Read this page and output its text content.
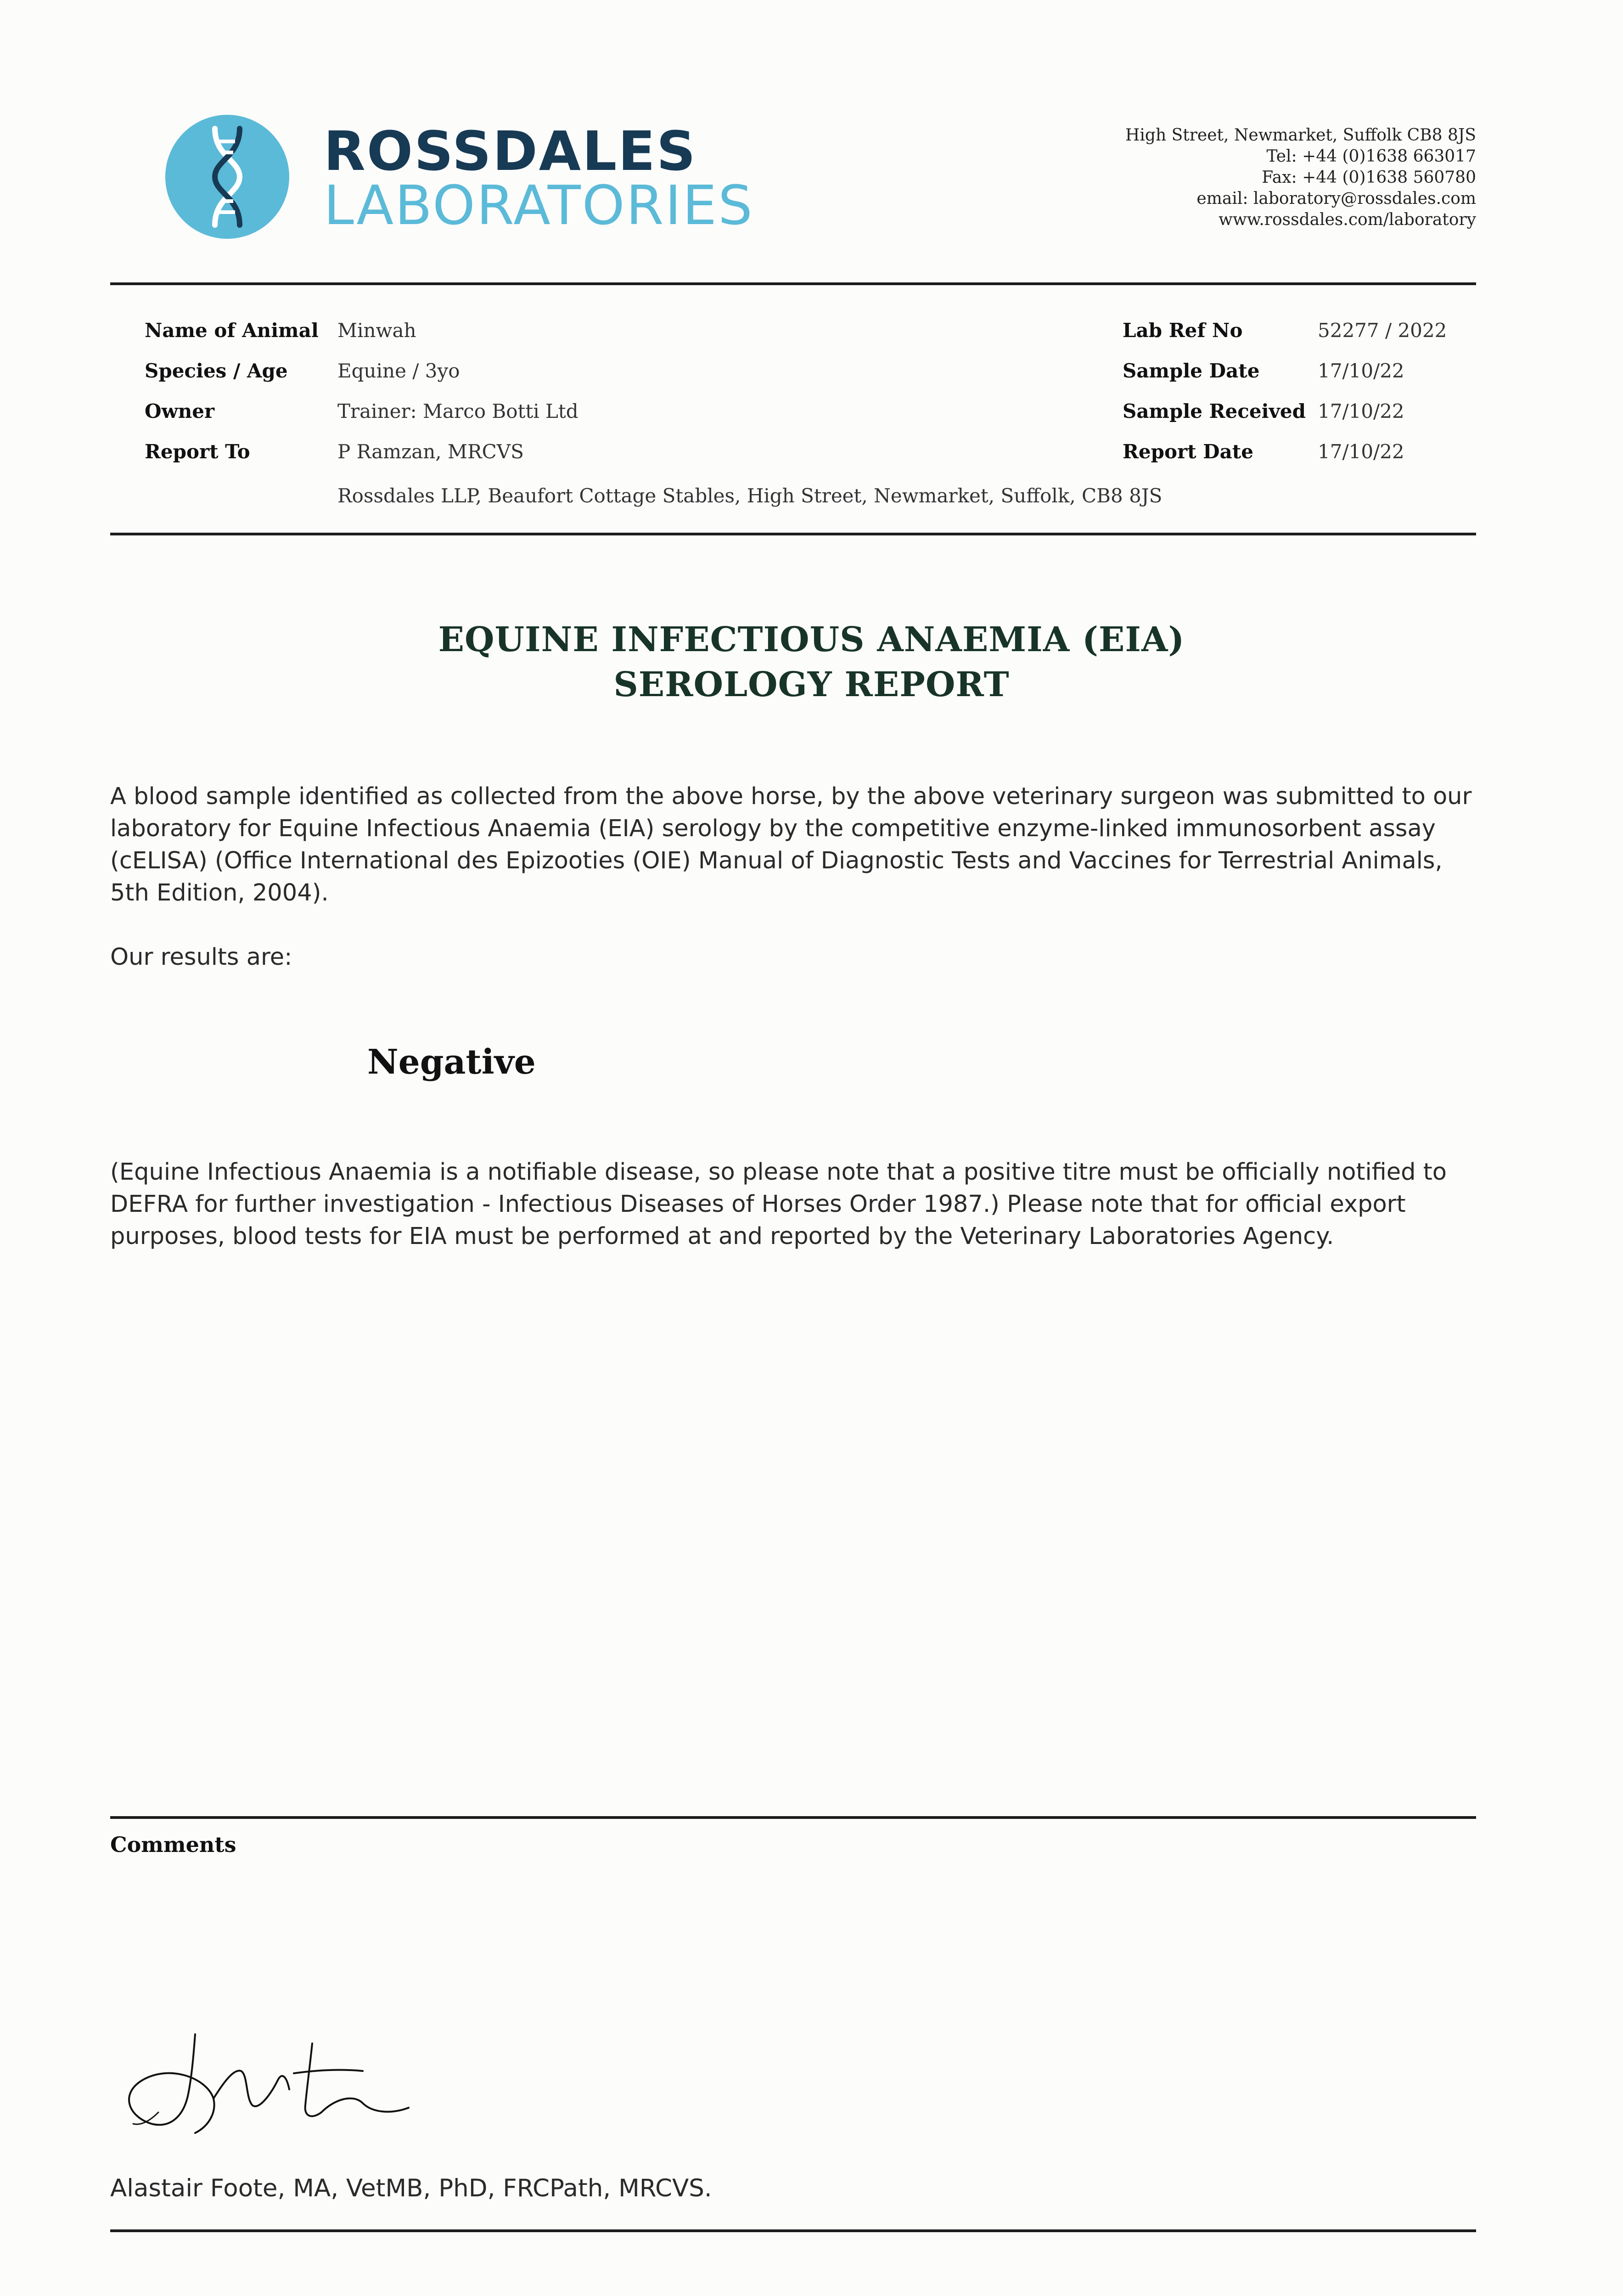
ROSSDALES
LABORATORIES
High Street, Newmarket, Suffolk CB8 8JS
Tel: +44 (0)1638 663017
Fax: +44 (0)1638 560780
email: laboratory@rossdales.com
www.rossdales.com/laboratory
Name of Animal Minwah
Species / Age	Equine / 3yo
Owner	Trainer: Marco Botti Ltd
Report To	P Ramzan, MRCVS
Rossdales LLP, Beaufort Cottage Stables, High Street, Newmarket, Suffolk, CB8 8JS
Lab Ref No	52277 / 2022
Sample Date	17/10/22
Sample Received 17/10/22
Report Date	17/10/22
EQUINE INFECTIOUS ANAEMIA (EIA)
SEROLOGY REPORT
A blood sample identified as collected from the above horse, by the above veterinary surgeon was submitted to our laboratory for Equine Infectious Anaemia (EIA) serology by the competitive enzyme-linked immunosorbent assay (cELISA) (Office International des Epizooties (OIE) Manual of Diagnostic Tests and Vaccines for Terrestrial Animals, 5th Edition, 2004).
Our results are:
Negative
(Equine Infectious Anaemia is a notifiable disease, so please note that a positive titre must be officially notified to DEFRA for further investigation - Infectious Diseases of Horses Order 1987.) Please note that for official export purposes, blood tests for EIA must be performed at and reported by the Veterinary Laboratories Agency.
Comments
Alastair Foote, MA, VetMB, PhD, FRCPath, MRCVS.
